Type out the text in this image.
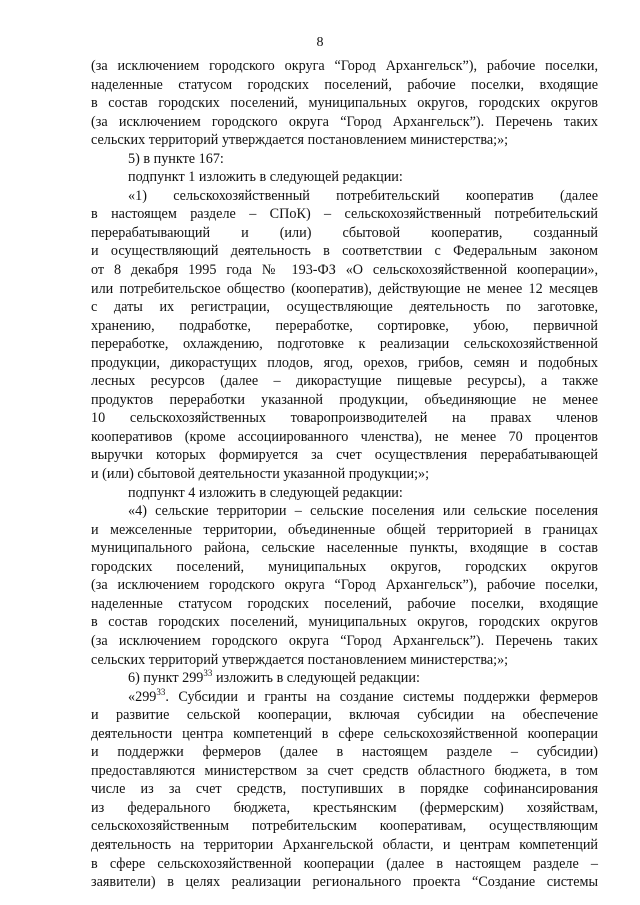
8
(за исключением городского округа “Город Архангельск”), рабочие поселки,
наделенные статусом городских поселений, рабочие поселки, входящие
в состав городских поселений, муниципальных округов, городских округов
(за исключением городского округа “Город Архангельск”). Перечень таких
сельских территорий утверждается постановлением министерства;»;
5) в пункте 167:
подпункт 1 изложить в следующей редакции:
«1) сельскохозяйственный потребительский кооператив (далее
в настоящем разделе – СПоК) – сельскохозяйственный потребительский
перерабатывающий и (или) сбытовой кооператив, созданный
и осуществляющий деятельность в соответствии с Федеральным законом
от 8 декабря 1995 года № 193-ФЗ «О сельскохозяйственной кооперации»,
или потребительское общество (кооператив), действующие не менее 12 месяцев
с даты их регистрации, осуществляющие деятельность по заготовке,
хранению, подработке, переработке, сортировке, убою, первичной
переработке, охлаждению, подготовке к реализации сельскохозяйственной
продукции, дикорастущих плодов, ягод, орехов, грибов, семян и подобных
лесных ресурсов (далее – дикорастущие пищевые ресурсы), а также
продуктов переработки указанной продукции, объединяющие не менее
10 сельскохозяйственных товаропроизводителей на правах членов
кооперативов (кроме ассоциированного членства), не менее 70 процентов
выручки которых формируется за счет осуществления перерабатывающей
и (или) сбытовой деятельности указанной продукции;»;
подпункт 4 изложить в следующей редакции:
«4) сельские территории – сельские поселения или сельские поселения
и межселенные территории, объединенные общей территорией в границах
муниципального района, сельские населенные пункты, входящие в состав
городских поселений, муниципальных округов, городских округов
(за исключением городского округа “Город Архангельск”), рабочие поселки,
наделенные статусом городских поселений, рабочие поселки, входящие
в состав городских поселений, муниципальных округов, городских округов
(за исключением городского округа “Город Архангельск”). Перечень таких
сельских территорий утверждается постановлением министерства;»;
6) пункт $299^{33}$ изложить в следующей редакции:
«$299^{33}$. Субсидии и гранты на создание системы поддержки фермеров
и развитие сельской кооперации, включая субсидии на обеспечение
деятельности центра компетенций в сфере сельскохозяйственной кооперации
и поддержки фермеров (далее в настоящем разделе – субсидии)
предоставляются министерством за счет средств областного бюджета, в том
числе из за счет средств, поступивших в порядке софинансирования
из федерального бюджета, крестьянским (фермерским) хозяйствам,
сельскохозяйственным потребительским кооперативам, осуществляющим
деятельность на территории Архангельской области, и центрам компетенций
в сфере сельскохозяйственной кооперации (далее в настоящем разделе –
заявители) в целях реализации регионального проекта “Создание системы
